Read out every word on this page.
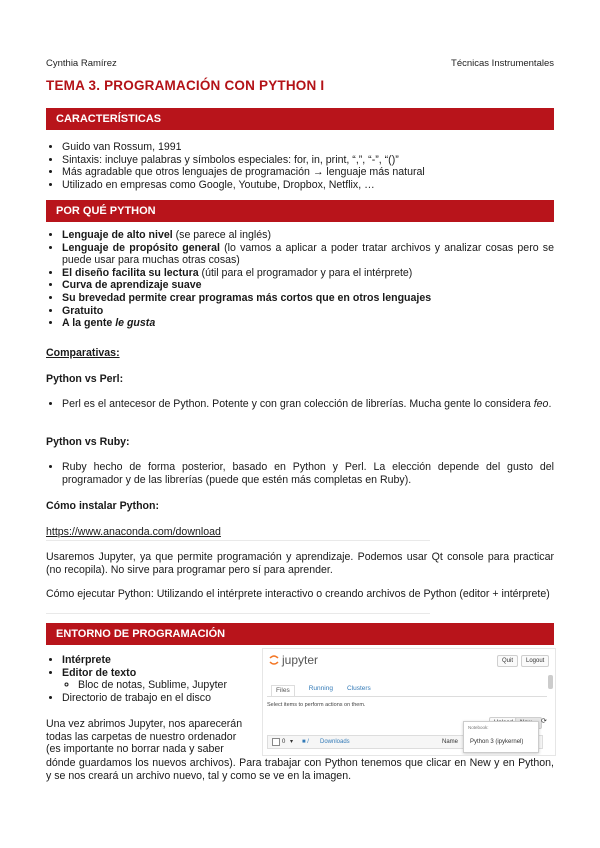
Cynthia Ramírez	Técnicas Instrumentales
TEMA 3. PROGRAMACIÓN CON PYTHON I
CARACTERÍSTICAS
• Guido van Rossum, 1991
• Sintaxis: incluye palabras y símbolos especiales: for, in, print, “,”, “-”, “()”
• Más agradable que otros lenguajes de programación → lenguaje más natural
• Utilizado en empresas como Google, Youtube, Dropbox, Netflix, …
POR QUÉ PYTHON
• Lenguaje de alto nivel (se parece al inglés)
• Lenguaje de propósito general (lo vamos a aplicar a poder tratar archivos y analizar cosas pero se puede usar para muchas otras cosas)
• El diseño facilita su lectura (útil para el programador y para el intérprete)
• Curva de aprendizaje suave
• Su brevedad permite crear programas más cortos que en otros lenguajes
• Gratuito
• A la gente le gusta
Comparativas:
Python vs Perl:
• Perl es el antecesor de Python. Potente y con gran colección de librerías. Mucha gente lo considera feo.
Python vs Ruby:
• Ruby hecho de forma posterior, basado en Python y Perl. La elección depende del gusto del programador y de las librerías (puede que estén más completas en Ruby).
Cómo instalar Python:
https://www.anaconda.com/download
Usaremos Jupyter, ya que permite programación y aprendizaje. Podemos usar Qt console para practicar (no recopila). No sirve para programar pero sí para aprender.
Cómo ejecutar Python: Utilizando el intérprete interactivo o creando archivos de Python (editor + intérprete)
ENTORNO DE PROGRAMACIÓN
• Intérprete
• Editor de texto
◦ Bloc de notas, Sublime, Jupyter
• Directorio de trabajo en el disco
Una vez abrimos Jupyter, nos aparecerán todas las carpetas de nuestro ordenador (es importante no borrar nada y saber
dónde guardamos los nuevos archivos). Para trabajar con Python tenemos que clicar en New y en Python, y se nos creará un archivo nuevo, tal y como se ve en la imagen.
jupyter	Quit	Logout
Files	Running Clusters
Select items to perform actions on them.
⟳
0 ▾ ■ / Downloads	Name
Notebook:
Python 3 (ipykernel)
